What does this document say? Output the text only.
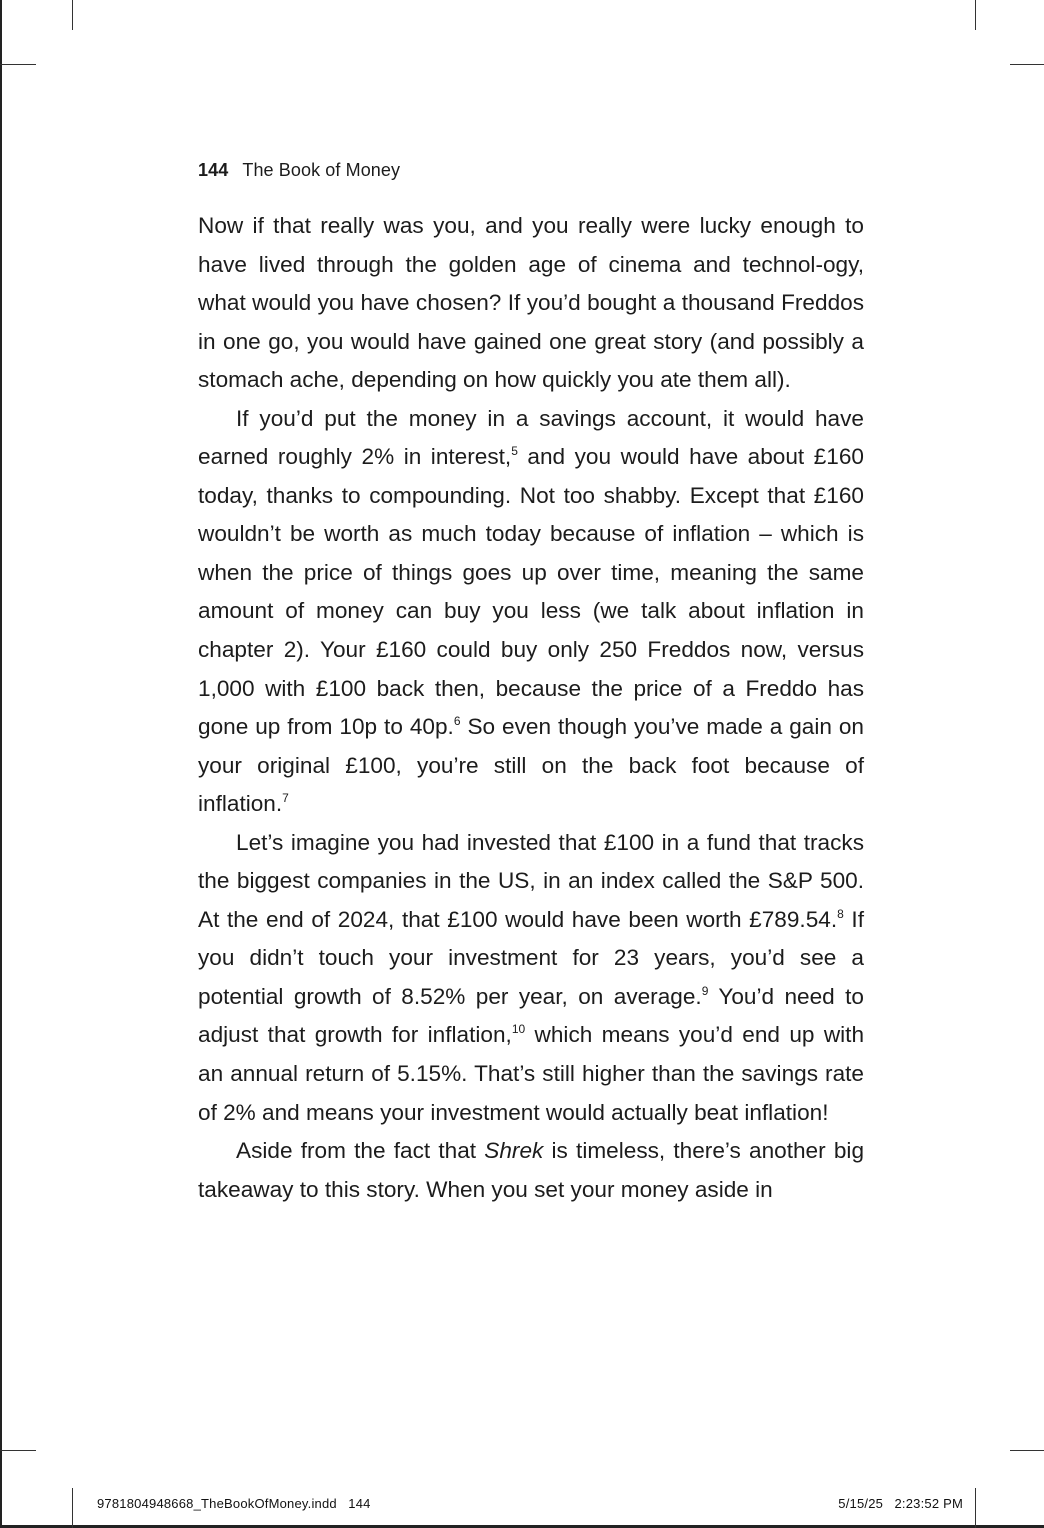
144 The Book of Money

Now if that really was you, and you really were lucky enough to have lived through the golden age of cinema and technol-ogy, what would you have chosen? If you’d bought a thousand Freddos in one go, you would have gained one great story (and possibly a stomach ache, depending on how quickly you ate them all).

If you’d put the money in a savings account, it would have earned roughly 2% in interest,$^5$ and you would have about £160 today, thanks to compounding. Not too shabby. Except that £160 wouldn’t be worth as much today because of inflation – which is when the price of things goes up over time, meaning the same amount of money can buy you less (we talk about inflation in chapter 2). Your £160 could buy only 250 Freddos now, versus 1,000 with £100 back then, because the price of a Freddo has gone up from 10p to 40p.$^6$ So even though you’ve made a gain on your original £100, you’re still on the back foot because of inflation.$^7$

Let’s imagine you had invested that £100 in a fund that tracks the biggest companies in the US, in an index called the S&P 500. At the end of 2024, that £100 would have been worth £789.54.$^8$ If you didn’t touch your investment for 23 years, you’d see a potential growth of 8.52% per year, on average.$^9$ You’d need to adjust that growth for inflation,$^{10}$ which means you’d end up with an annual return of 5.15%. That’s still higher than the savings rate of 2% and means your investment would actually beat inflation!

Aside from the fact that Shrek is timeless, there’s another big takeaway to this story. When you set your money aside in

9781804948668_TheBookOfMoney.indd 144	5/15/25 2:23:52 PM
